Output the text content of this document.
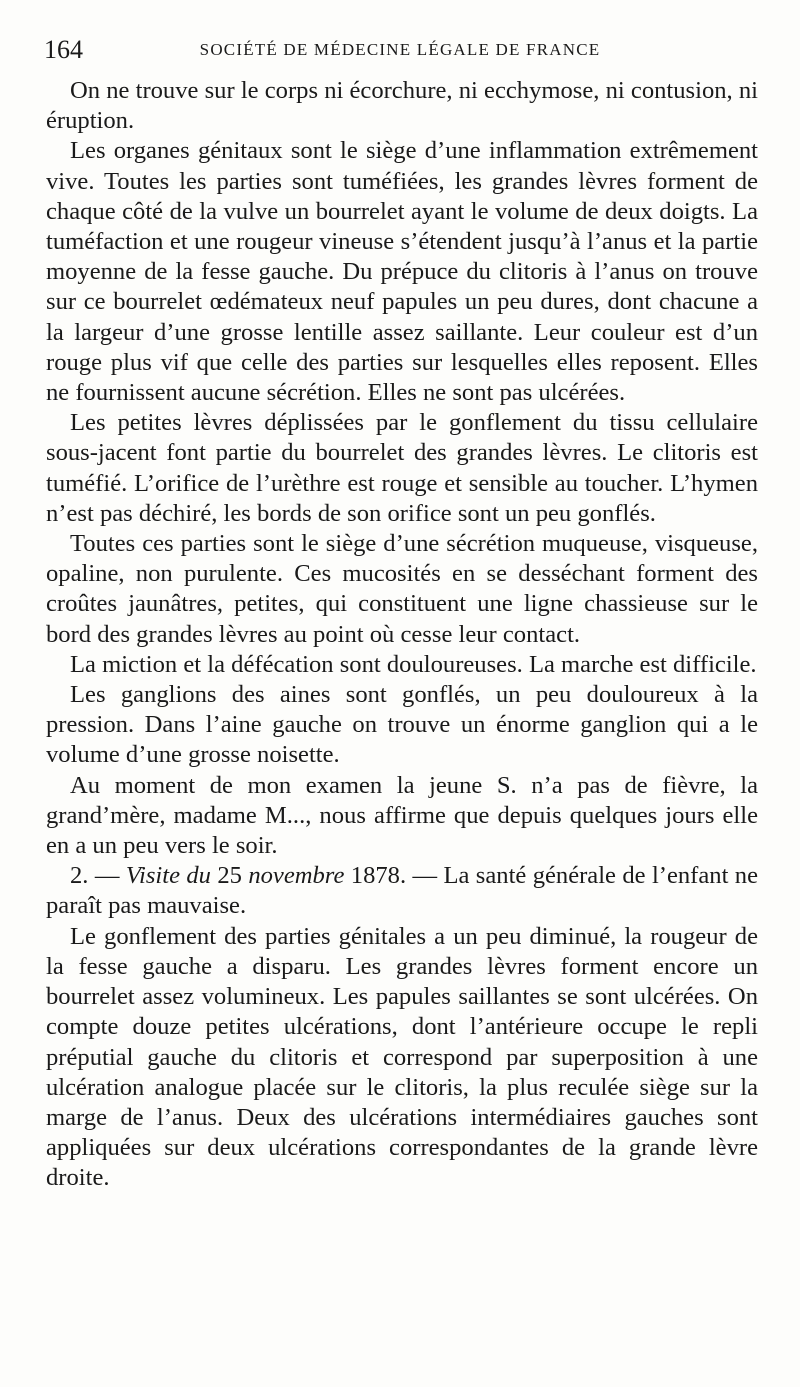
164	SOCIÉTÉ DE MÉDECINE LÉGALE DE FRANCE

On ne trouve sur le corps ni écorchure, ni ecchymose, ni contusion, ni éruption.

Les organes génitaux sont le siège d’une inflammation extrêmement vive. Toutes les parties sont tuméfiées, les grandes lèvres forment de chaque côté de la vulve un bourrelet ayant le volume de deux doigts. La tuméfaction et une rougeur vineuse s’étendent jusqu’à l’anus et la partie moyenne de la fesse gauche. Du prépuce du clitoris à l’anus on trouve sur ce bourrelet œdémateux neuf papules un peu dures, dont chacune a la largeur d’une grosse lentille assez saillante. Leur couleur est d’un rouge plus vif que celle des parties sur lesquelles elles reposent. Elles ne fournissent aucune sécrétion. Elles ne sont pas ulcérées.

Les petites lèvres déplissées par le gonflement du tissu cellulaire sous-jacent font partie du bourrelet des grandes lèvres. Le clitoris est tuméfié. L’orifice de l’urèthre est rouge et sensible au toucher. L’hymen n’est pas déchiré, les bords de son orifice sont un peu gonflés.

Toutes ces parties sont le siège d’une sécrétion muqueuse, visqueuse, opaline, non purulente. Ces mucosités en se desséchant forment des croûtes jaunâtres, petites, qui constituent une ligne chassieuse sur le bord des grandes lèvres au point où cesse leur contact.

La miction et la défécation sont douloureuses. La marche est difficile.

Les ganglions des aines sont gonflés, un peu douloureux à la pression. Dans l’aine gauche on trouve un énorme ganglion qui a le volume d’une grosse noisette.

Au moment de mon examen la jeune S. n’a pas de fièvre, la grand’mère, madame M..., nous affirme que depuis quelques jours elle en a un peu vers le soir.

2. — Visite du 25 novembre 1878. — La santé générale de l’enfant ne paraît pas mauvaise.

Le gonflement des parties génitales a un peu diminué, la rougeur de la fesse gauche a disparu. Les grandes lèvres forment encore un bourrelet assez volumineux. Les papules saillantes se sont ulcérées. On compte douze petites ulcérations, dont l’antérieure occupe le repli préputial gauche du clitoris et correspond par superposition à une ulcération analogue placée sur le clitoris, la plus reculée siège sur la marge de l’anus. Deux des ulcérations intermédiaires gauches sont appliquées sur deux ulcérations correspondantes de la grande lèvre droite.
